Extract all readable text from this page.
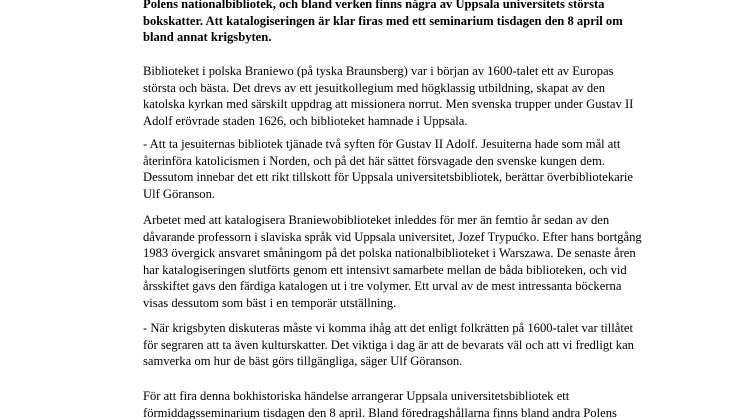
Polens nationalbibliotek, och bland verken finns några av Uppsala universitets största
bokskatter. Att katalogiseringen är klar firas med ett seminarium tisdagen den 8 april om
bland annat krigsbyten.
Biblioteket i polska Braniewo (på tyska Braunsberg) var i början av 1600-talet ett av Europas
största och bästa. Det drevs av ett jesuitkollegium med högklassig utbildning, skapat av den
katolska kyrkan med särskilt uppdrag att missionera norrut. Men svenska trupper under Gustav II
Adolf erövrade staden 1626, och biblioteket hamnade i Uppsala.
- Att ta jesuiternas bibliotek tjänade två syften för Gustav II Adolf. Jesuiterna hade som mål att
återinföra katolicismen i Norden, och på det här sättet försvagade den svenske kungen dem.
Dessutom innebar det ett rikt tillskott för Uppsala universitetsbibliotek, berättar överbibliotekarie
Ulf Göranson.
Arbetet med att katalogisera Braniewobiblioteket inleddes för mer än femtio år sedan av den
dåvarande professorn i slaviska språk vid Uppsala universitet, Jozef Trypućko. Efter hans bortgång
1983 övergick ansvaret småningom på det polska nationalbiblioteket i Warszawa. De senaste åren
har katalogiseringen slutförts genom ett intensivt samarbete mellan de båda biblioteken, och vid
årsskiftet gavs den färdiga katalogen ut i tre volymer. Ett urval av de mest intressanta böckerna
visas dessutom som bäst i en temporär utställning.
- När krigsbyten diskuteras måste vi komma ihåg att det enligt folkrätten på 1600-talet var tillåtet
för segraren att ta även kulturskatter. Det viktiga i dag är att de bevarats väl och att vi fredligt kan
samverka om hur de bäst görs tillgängliga, säger Ulf Göranson.
För att fira denna bokhistoriska händelse arrangerar Uppsala universitetsbibliotek ett
förmiddagsseminarium tisdagen den 8 april. Bland föredragshållarna finns bland andra Polens
